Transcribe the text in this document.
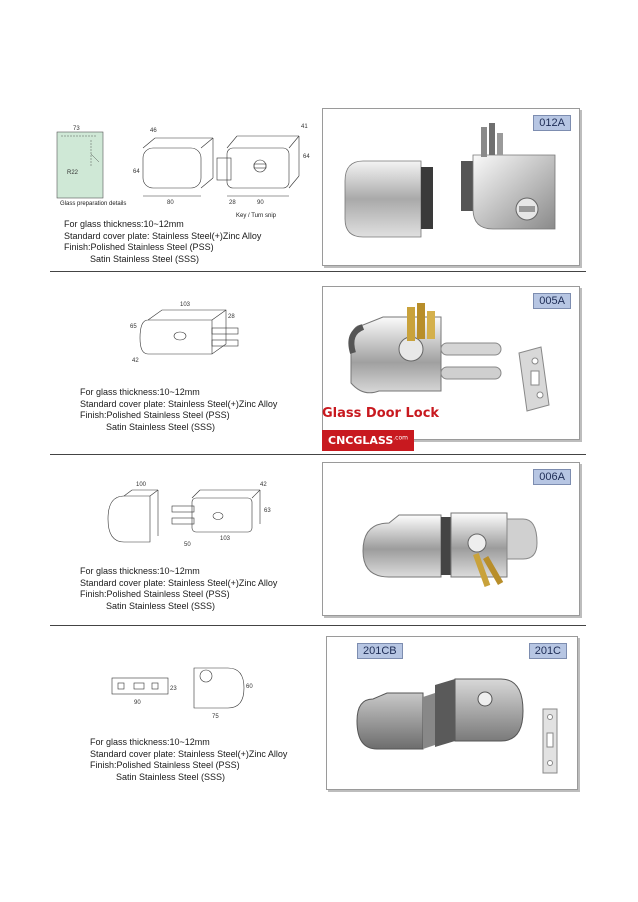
73
R22	64
46
80
41
64
28	90
Glass preparation details
Key / Turn snip
For glass thickness:10~12mm
Standard cover plate: Stainless Steel(+)Zinc Alloy
Finish:Polished Stainless Steel (PSS)
Satin Stainless Steel (SSS)
012A
103
28
65
42
For glass thickness:10~12mm
Standard cover plate: Stainless Steel(+)Zinc Alloy
Finish:Polished Stainless Steel (PSS)
Satin Stainless Steel (SSS)
005A
Glass Door Lock
$CNCGLASS^{.com}$
100	42
63
50
103
For glass thickness:10~12mm
Standard cover plate: Stainless Steel(+)Zinc Alloy
Finish:Polished Stainless Steel (PSS)
Satin Stainless Steel (SSS)
006A
23
90
60
75
For glass thickness:10~12mm
Standard cover plate: Stainless Steel(+)Zinc Alloy
Finish:Polished Stainless Steel (PSS)
Satin Stainless Steel (SSS)
201CB	201C
